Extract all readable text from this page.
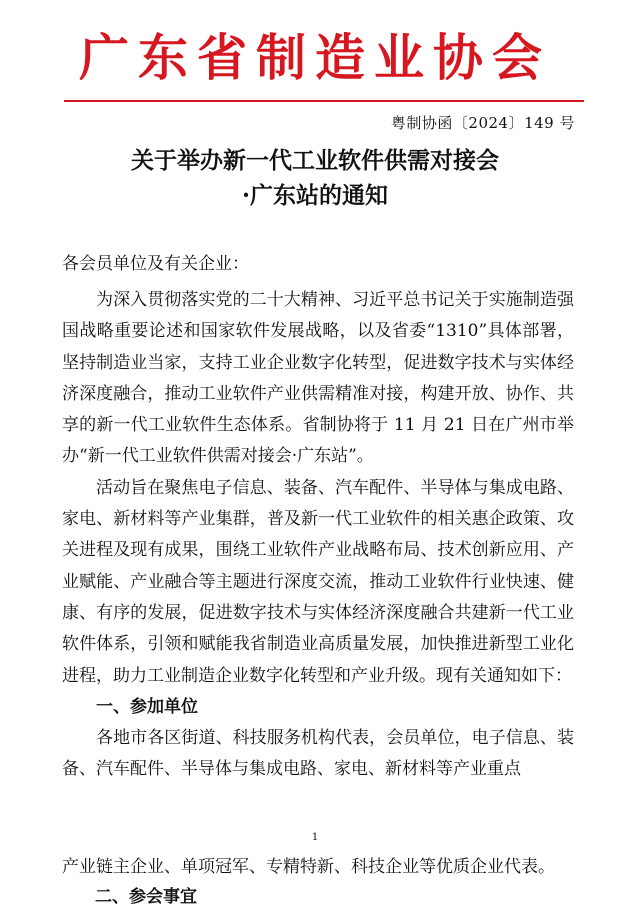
广东省制造业协会
粤制协函〔2024〕149 号
关于举办新一代工业软件供需对接会
·广东站的通知
各会员单位及有关企业：

为深入贯彻落实党的二十大精神、习近平总书记关于实施制造强国战略重要论述和国家软件发展战略，以及省委“1310”具体部署，坚持制造业当家，支持工业企业数字化转型，促进数字技术与实体经济深度融合，推动工业软件产业供需精准对接，构建开放、协作、共享的新一代工业软件生态体系。省制协将于 11 月 21 日在广州市举办“新一代工业软件供需对接会·广东站”。

活动旨在聚焦电子信息、装备、汽车配件、半导体与集成电路、家电、新材料等产业集群，普及新一代工业软件的相关惠企政策、攻关进程及现有成果，围绕工业软件产业战略布局、技术创新应用、产业赋能、产业融合等主题进行深度交流，推动工业软件行业快速、健康、有序的发展，促进数字技术与实体经济深度融合共建新一代工业软件体系，引领和赋能我省制造业高质量发展，加快推进新型工业化进程，助力工业制造企业数字化转型和产业升级。现有关通知如下：

一、参加单位

各地市各区街道、科技服务机构代表，会员单位，电子信息、装备、汽车配件、半导体与集成电路、家电、新材料等产业重点

1
产业链主企业、单项冠军、专精特新、科技企业等优质企业代表。
二、参会事宜
